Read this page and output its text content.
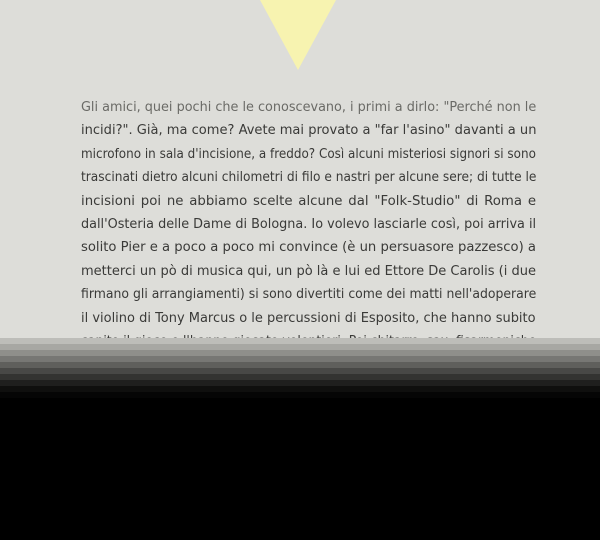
Gli amici, quei pochi che le conoscevano, i primi a dirlo: "Perché non le
incidi?". Già, ma come? Avete mai provato a "far l'asino" davanti a un
microfono in sala d'incisione, a freddo? Così alcuni misteriosi signori si sono
trascinati dietro alcuni chilometri di filo e nastri per alcune sere; di tutte le
incisioni poi ne abbiamo scelte alcune dal "Folk-Studio" di Roma e
dall'Osteria delle Dame di Bologna. Io volevo lasciarle così, poi arriva il
solito Pier e a poco a poco mi convince (è un persuasore pazzesco) a
metterci un pò di musica qui, un pò là e lui ed Ettore De Carolis (i due
firmano gli arrangiamenti) si sono divertiti come dei matti nell'adoperare
il violino di Tony Marcus o le percussioni di Esposito, che hanno subito
